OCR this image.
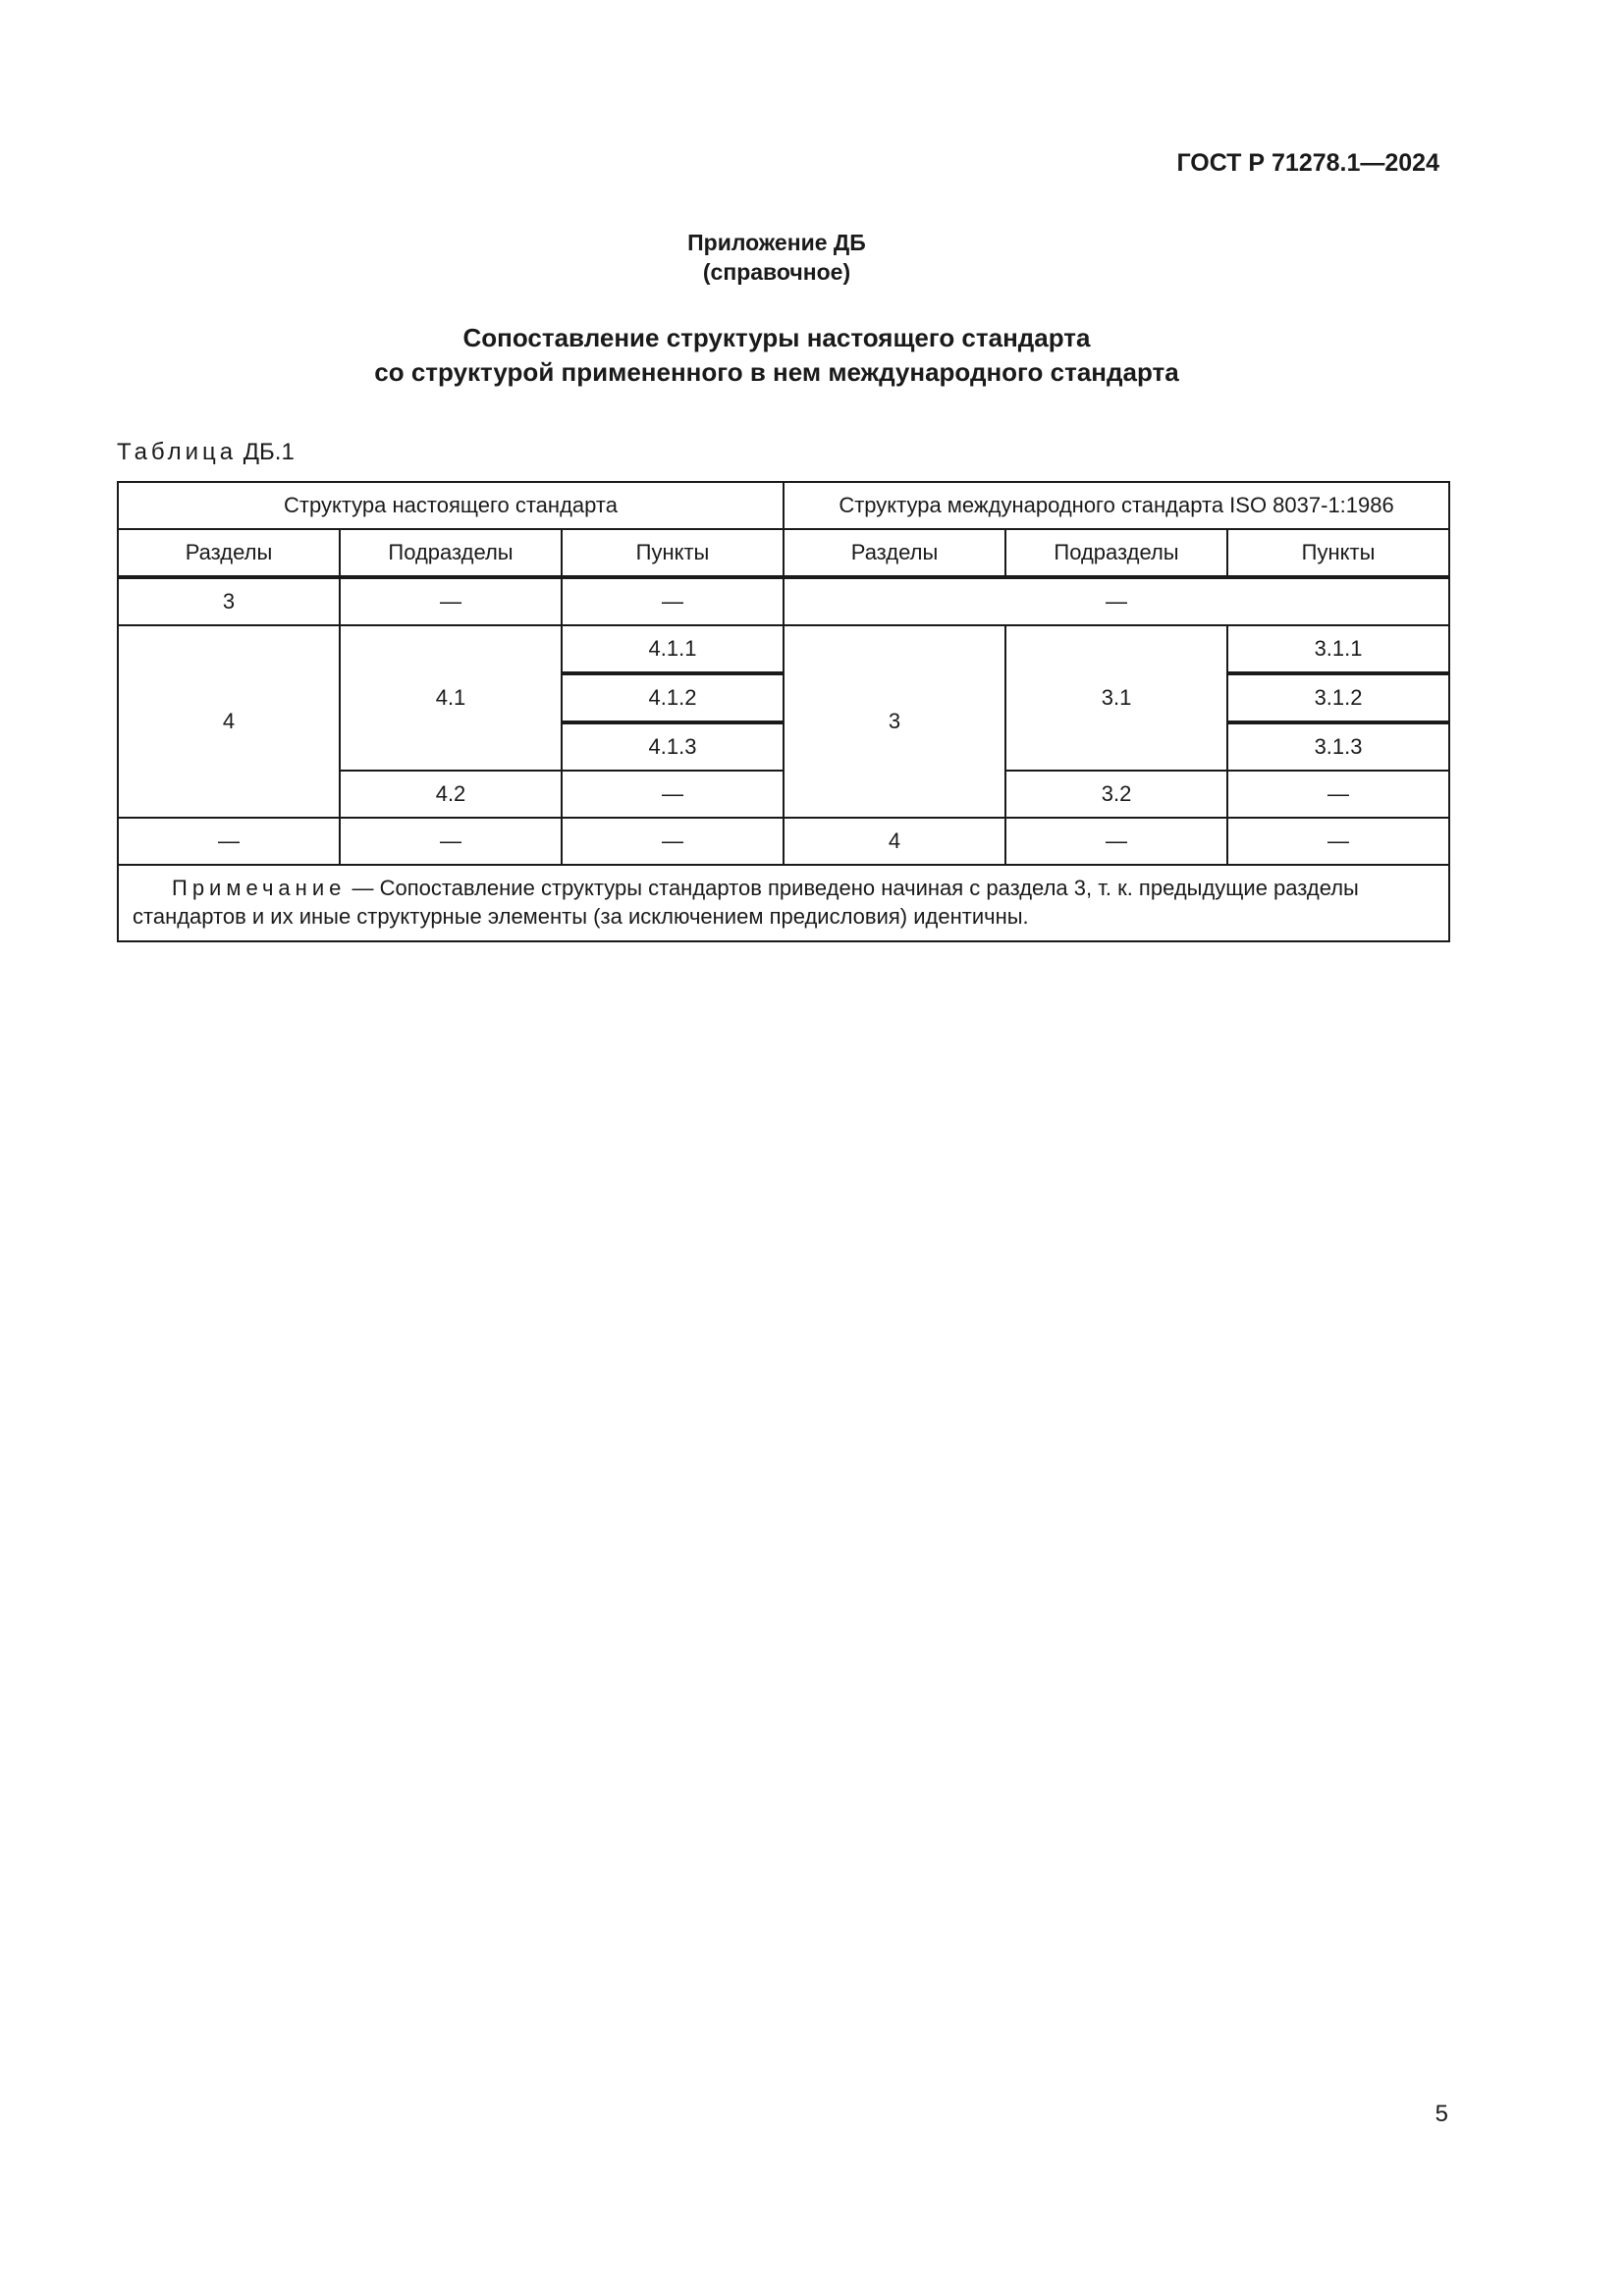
ГОСТ Р 71278.1—2024
Приложение ДБ
(справочное)
Сопоставление структуры настоящего стандарта
со структурой примененного в нем международного стандарта
Таблица ДБ.1
Структура настоящего стандарта			Структура международного стандарта ISO 8037-1:1986		
Разделы	Подразделы	Пункты	Разделы	Подразделы	Пункты
3	—	—	—		
4	4.1	4.1.1	3	3.1	3.1.1
		4.1.2			3.1.2
		4.1.3			3.1.3
	4.2	—		3.2	—
—	—	—	4	—	—
Примечание — Сопоставление структуры стандартов приведено начиная с раздела 3, т. к. предыдущие разделы стандартов и их иные структурные элементы (за исключением предисловия) идентичны.					
5
